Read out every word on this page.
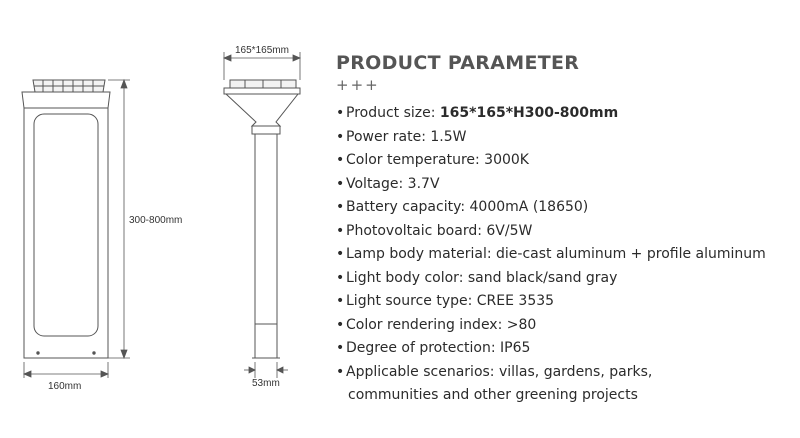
300-800mm
160mm
165*165mm
53mm
PRODUCT PARAMETER
+++
• Product size: 165*165*H300-800mm
• Power rate: 1.5W
• Color temperature: 3000K
• Voltage: 3.7V
• Battery capacity: 4000mA (18650)
• Photovoltaic board: 6V/5W
• Lamp body material: die-cast aluminum + profile aluminum
• Light body color: sand black/sand gray
• Light source type: CREE 3535
• Color rendering index: >80
• Degree of protection: IP65
• Applicable scenarios: villas, gardens, parks,
communities and other greening projects
